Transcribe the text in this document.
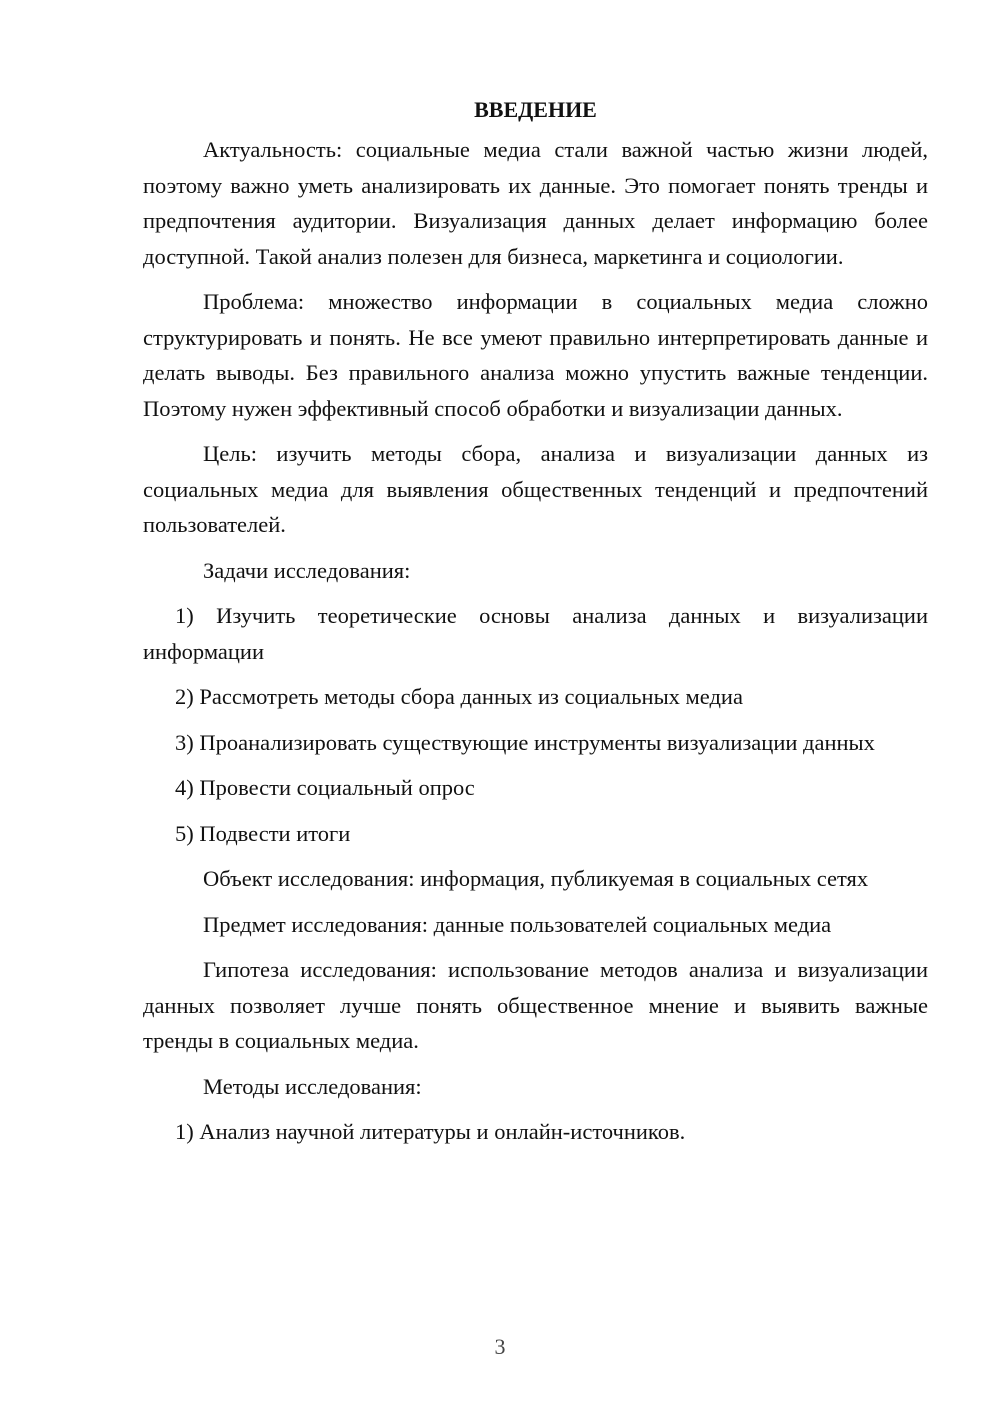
ВВЕДЕНИЕ

Актуальность: социальные медиа стали важной частью жизни людей, поэтому важно уметь анализировать их данные. Это помогает понять тренды и предпочтения аудитории. Визуализация данных делает информацию более доступной. Такой анализ полезен для бизнеса, маркетинга и социологии.

Проблема: множество информации в социальных медиа сложно структурировать и понять. Не все умеют правильно интерпретировать данные и делать выводы. Без правильного анализа можно упустить важные тенденции. Поэтому нужен эффективный способ обработки и визуализации данных.

Цель: изучить методы сбора, анализа и визуализации данных из социальных медиа для выявления общественных тенденций и предпочтений пользователей.

Задачи исследования:

1) Изучить теоретические основы анализа данных и визуализации информации

2) Рассмотреть методы сбора данных из социальных медиа

3) Проанализировать существующие инструменты визуализации данных

4) Провести социальный опрос

5) Подвести итоги

Объект исследования: информация, публикуемая в социальных сетях

Предмет исследования: данные пользователей социальных медиа

Гипотеза исследования: использование методов анализа и визуализации данных позволяет лучше понять общественное мнение и выявить важные тренды в социальных медиа.

Методы исследования:

1) Анализ научной литературы и онлайн-источников.

3
